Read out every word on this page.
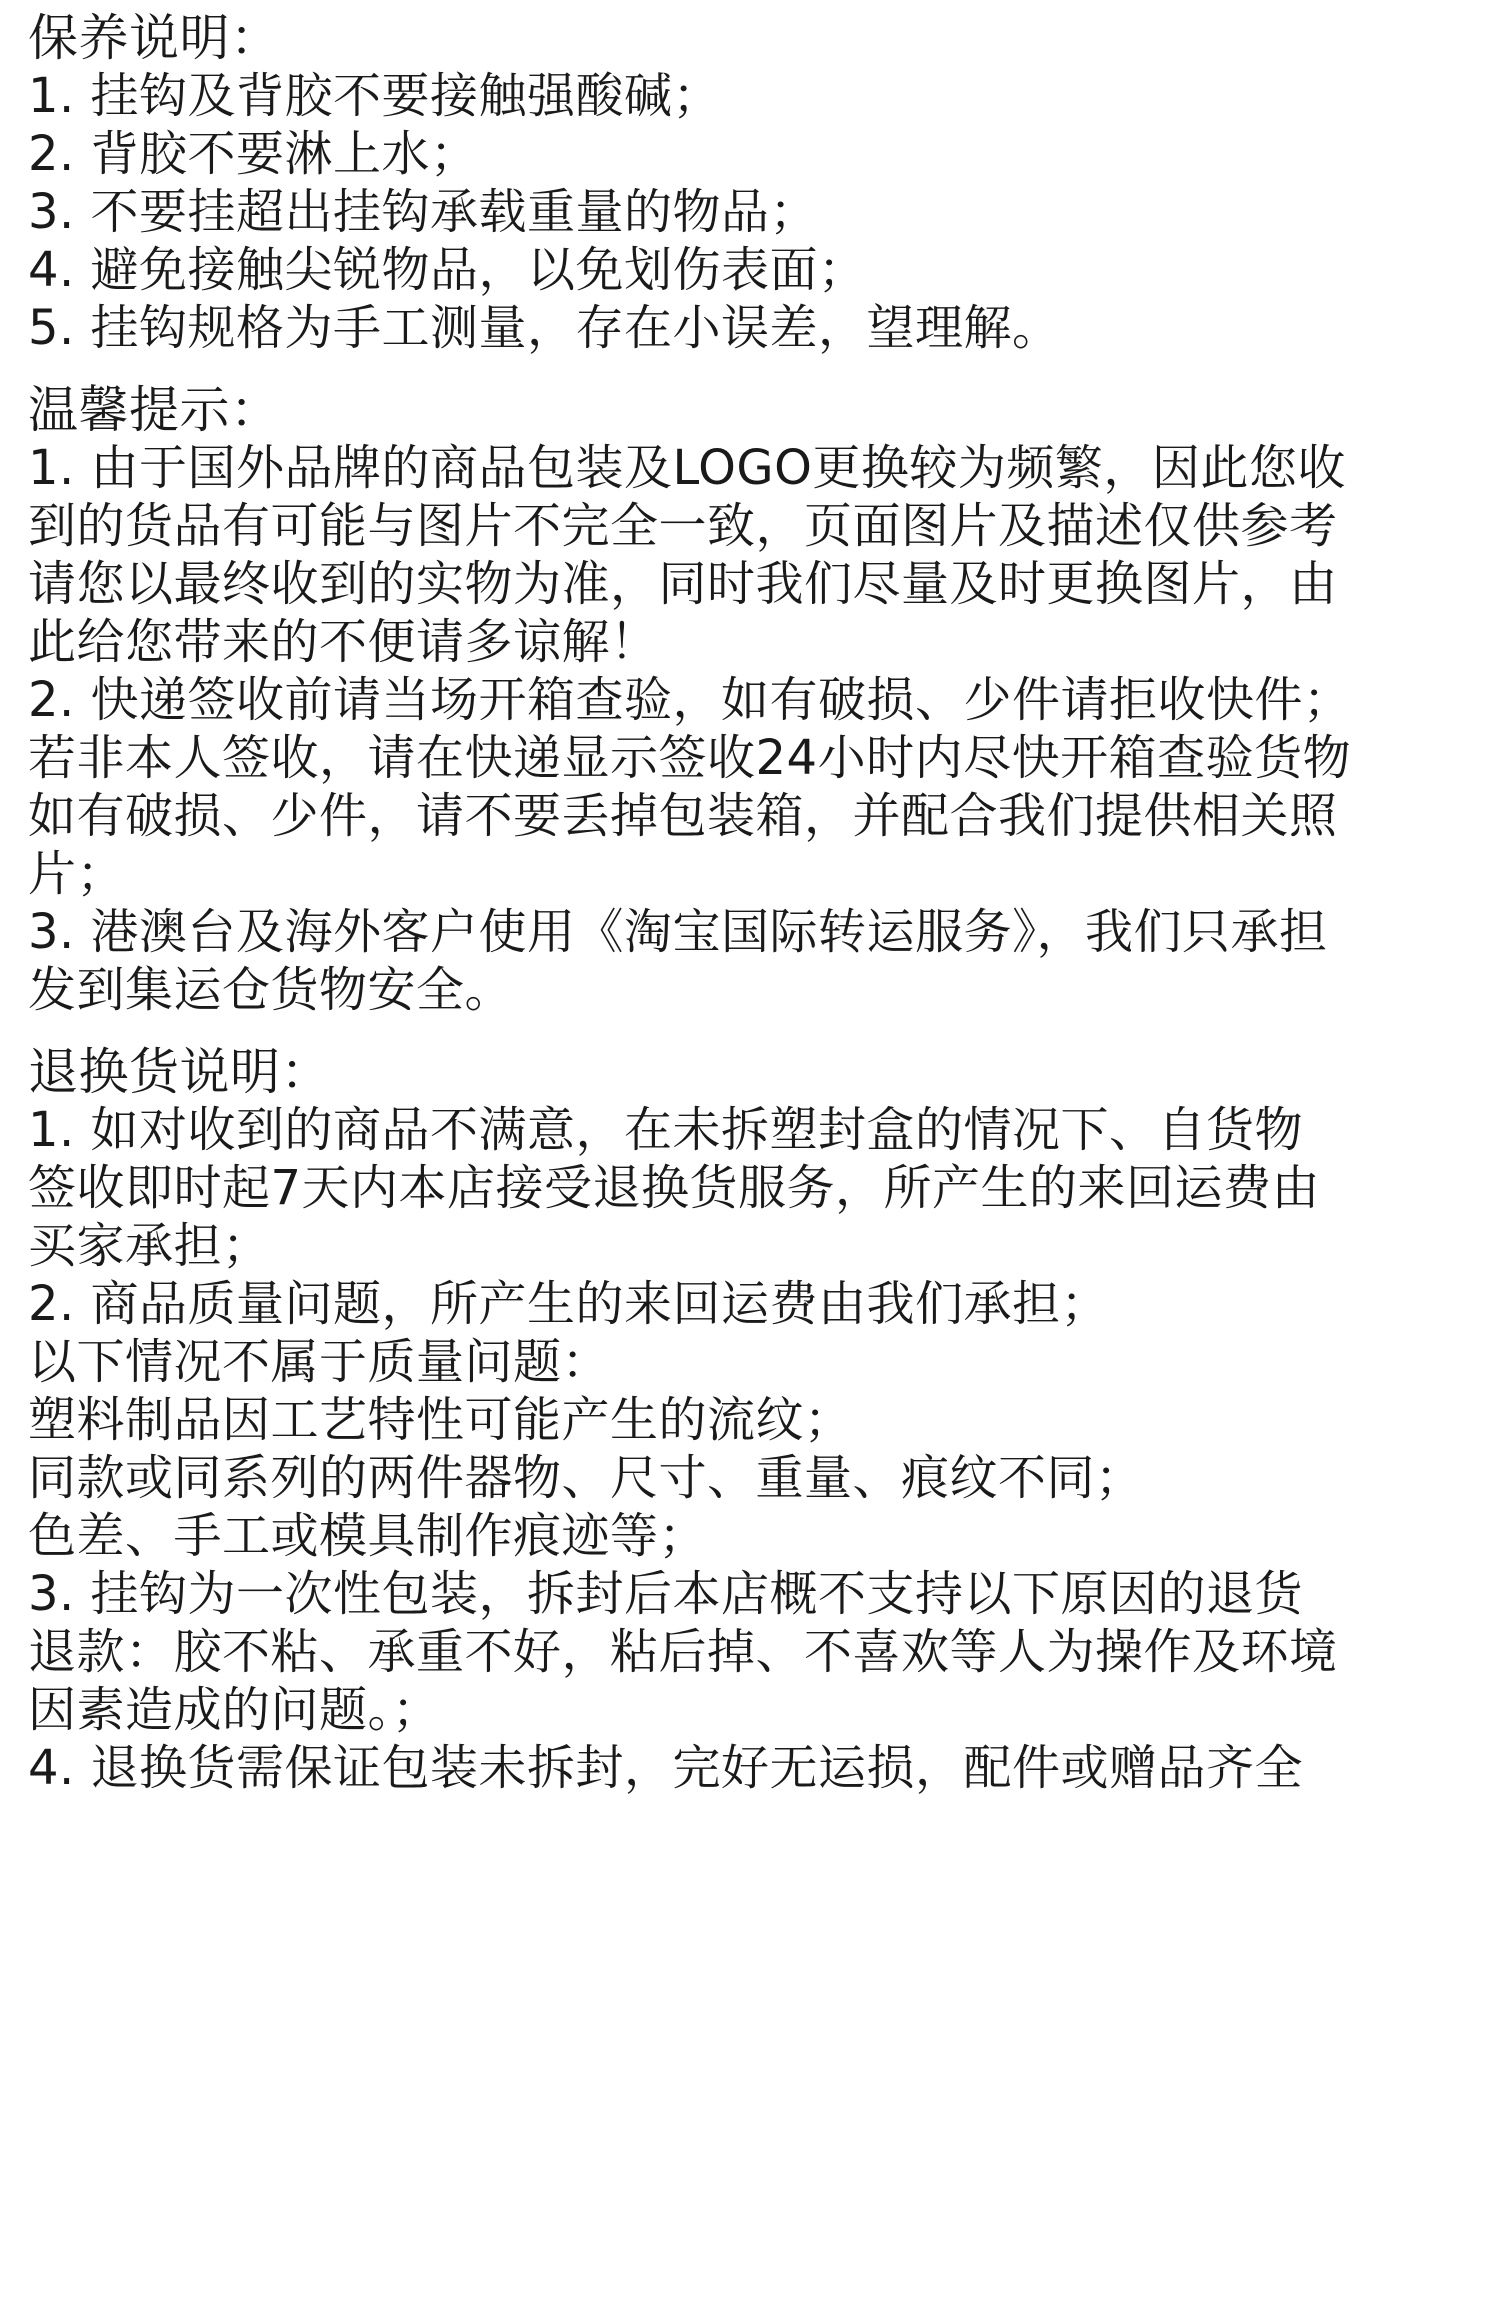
保养说明：
1. 挂钩及背胶不要接触强酸碱；
2. 背胶不要淋上水；
3. 不要挂超出挂钩承载重量的物品；
4. 避免接触尖锐物品，以免划伤表面；
5. 挂钩规格为手工测量，存在小误差，望理解。
温馨提示：
1. 由于国外品牌的商品包装及LOGO更换较为频繁，因此您收
到的货品有可能与图片不完全一致，页面图片及描述仅供参考
请您以最终收到的实物为准，同时我们尽量及时更换图片，由
此给您带来的不便请多谅解！
2. 快递签收前请当场开箱查验，如有破损、少件请拒收快件；
若非本人签收，请在快递显示签收24小时内尽快开箱查验货物
如有破损、少件，请不要丢掉包装箱，并配合我们提供相关照
片；
3. 港澳台及海外客户使用《淘宝国际转运服务》，我们只承担
发到集运仓货物安全。
退换货说明：
1. 如对收到的商品不满意，在未拆塑封盒的情况下、自货物
签收即时起7天内本店接受退换货服务，所产生的来回运费由
买家承担；
2. 商品质量问题，所产生的来回运费由我们承担；
以下情况不属于质量问题：
塑料制品因工艺特性可能产生的流纹；
同款或同系列的两件器物、尺寸、重量、痕纹不同；
色差、手工或模具制作痕迹等；
3. 挂钩为一次性包装，拆封后本店概不支持以下原因的退货
退款：胶不粘、承重不好，粘后掉、不喜欢等人为操作及环境
因素造成的问题。；
4. 退换货需保证包装未拆封，完好无运损，配件或赠品齐全
